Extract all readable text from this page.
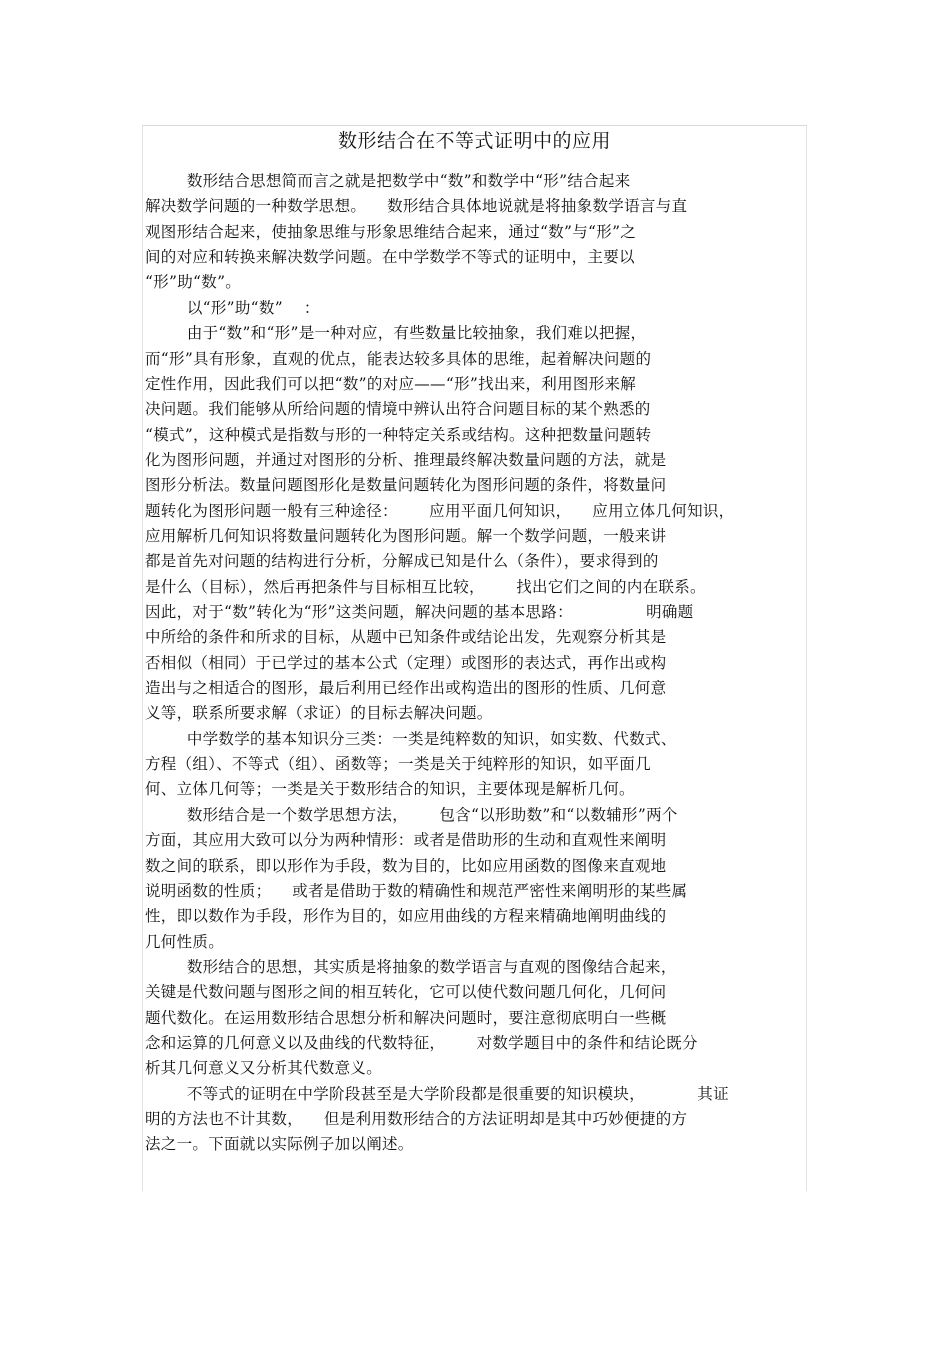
数形结合在不等式证明中的应用
数形结合思想简而言之就是把数学中“数”和数学中“形”结合起来
解决数学问题的一种数学思想。    数形结合具体地说就是将抽象数学语言与直
观图形结合起来，使抽象思维与形象思维结合起来，通过“数”与“形”之
间的对应和转换来解决数学问题。在中学数学不等式的证明中，主要以
“形”助“数”。
以“形”助“数”    ：
由于“数”和“形”是一种对应，有些数量比较抽象，我们难以把握，
而“形”具有形象，直观的优点，能表达较多具体的思维，起着解决问题的
定性作用，因此我们可以把“数”的对应——“形”找出来，利用图形来解
决问题。我们能够从所给问题的情境中辨认出符合问题目标的某个熟悉的
“模式”，这种模式是指数与形的一种特定关系或结构。这种把数量问题转
化为图形问题，并通过对图形的分析、推理最终解决数量问题的方法，就是
图形分析法。数量问题图形化是数量问题转化为图形问题的条件，将数量问
题转化为图形问题一般有三种途径：      应用平面几何知识，    应用立体几何知识，
应用解析几何知识将数量问题转化为图形问题。解一个数学问题，一般来讲
都是首先对问题的结构进行分析，分解成已知是什么（条件），要求得到的
是什么（目标），然后再把条件与目标相互比较，      找出它们之间的内在联系。
因此，对于“数”转化为“形”这类问题，解决问题的基本思路：              明确题
中所给的条件和所求的目标，从题中已知条件或结论出发，先观察分析其是
否相似（相同）于已学过的基本公式（定理）或图形的表达式，再作出或构
造出与之相适合的图形，最后利用已经作出或构造出的图形的性质、几何意
义等，联系所要求解（求证）的目标去解决问题。
中学数学的基本知识分三类：一类是纯粹数的知识，如实数、代数式、
方程（组）、不等式（组）、函数等；一类是关于纯粹形的知识，如平面几
何、立体几何等；一类是关于数形结合的知识，主要体现是解析几何。
数形结合是一个数学思想方法，      包含“以形助数”和“以数辅形”两个
方面，其应用大致可以分为两种情形：或者是借助形的生动和直观性来阐明
数之间的联系，即以形作为手段，数为目的，比如应用函数的图像来直观地
说明函数的性质；    或者是借助于数的精确性和规范严密性来阐明形的某些属
性，即以数作为手段，形作为目的，如应用曲线的方程来精确地阐明曲线的
几何性质。
数形结合的思想，其实质是将抽象的数学语言与直观的图像结合起来，
关键是代数问题与图形之间的相互转化，它可以使代数问题几何化，几何问
题代数化。在运用数形结合思想分析和解决问题时，要注意彻底明白一些概
念和运算的几何意义以及曲线的代数特征，      对数学题目中的条件和结论既分
析其几何意义又分析其代数意义。
不等式的证明在中学阶段甚至是大学阶段都是很重要的知识模块，          其证
明的方法也不计其数，    但是利用数形结合的方法证明却是其中巧妙便捷的方
法之一。下面就以实际例子加以阐述。
